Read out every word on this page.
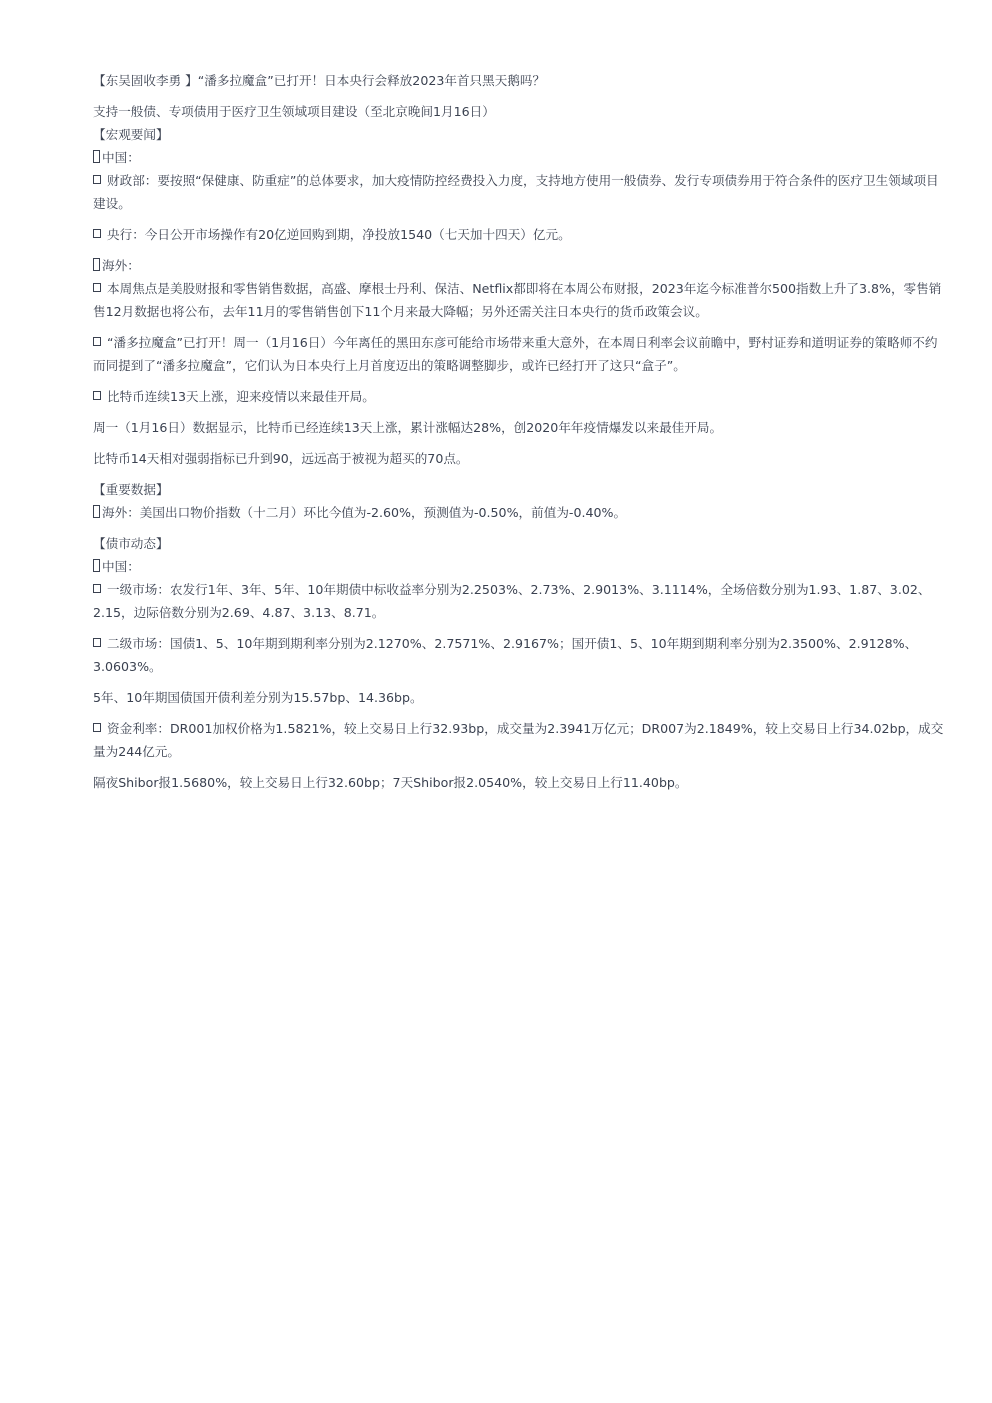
【东吴固收李勇 】“潘多拉魔盒”已打开！日本央行会释放2023年首只黑天鹅吗？

支持一般债、专项债用于医疗卫生领域项目建设（至北京晚间1月16日）

【宏观要闻】

中国：

财政部：要按照“保健康、防重症”的总体要求，加大疫情防控经费投入力度，支持地方使用一般债券、发行专项债券用于符合条件的医疗卫生领域项目建设。

央行：今日公开市场操作有20亿逆回购到期，净投放1540（七天加十四天）亿元。

海外：

本周焦点是美股财报和零售销售数据，高盛、摩根士丹利、保洁、Netflix都即将在本周公布财报，2023年迄今标准普尔500指数上升了3.8%，零售销售12月数据也将公布，去年11月的零售销售创下11个月来最大降幅；另外还需关注日本央行的货币政策会议。

“潘多拉魔盒”已打开！周一（1月16日）今年离任的黑田东彦可能给市场带来重大意外，在本周日利率会议前瞻中，野村证券和道明证券的策略师不约而同提到了“潘多拉魔盒”，它们认为日本央行上月首度迈出的策略调整脚步，或许已经打开了这只“盒子”。

比特币连续13天上涨，迎来疫情以来最佳开局。

周一（1月16日）数据显示，比特币已经连续13天上涨，累计涨幅达28%，创2020年年疫情爆发以来最佳开局。

比特币14天相对强弱指标已升到90，远远高于被视为超买的70点。

【重要数据】

海外：美国出口物价指数（十二月）环比今值为-2.60%，预测值为-0.50%，前值为-0.40%。

【债市动态】

中国：

一级市场：农发行1年、3年、5年、10年期债中标收益率分别为2.2503%、2.73%、2.9013%、3.1114%，全场倍数分别为1.93、1.87、3.02、2.15，边际倍数分别为2.69、4.87、3.13、8.71。

二级市场：国债1、5、10年期到期利率分别为2.1270%、2.7571%、2.9167%；国开债1、5、10年期到期利率分别为2.3500%、2.9128%、3.0603%。

5年、10年期国债国开债利差分别为15.57bp、14.36bp。

资金利率：DR001加权价格为1.5821%，较上交易日上行32.93bp，成交量为2.3941万亿元；DR007为2.1849%，较上交易日上行34.02bp，成交量为244亿元。

隔夜Shibor报1.5680%，较上交易日上行32.60bp；7天Shibor报2.0540%，较上交易日上行11.40bp。
